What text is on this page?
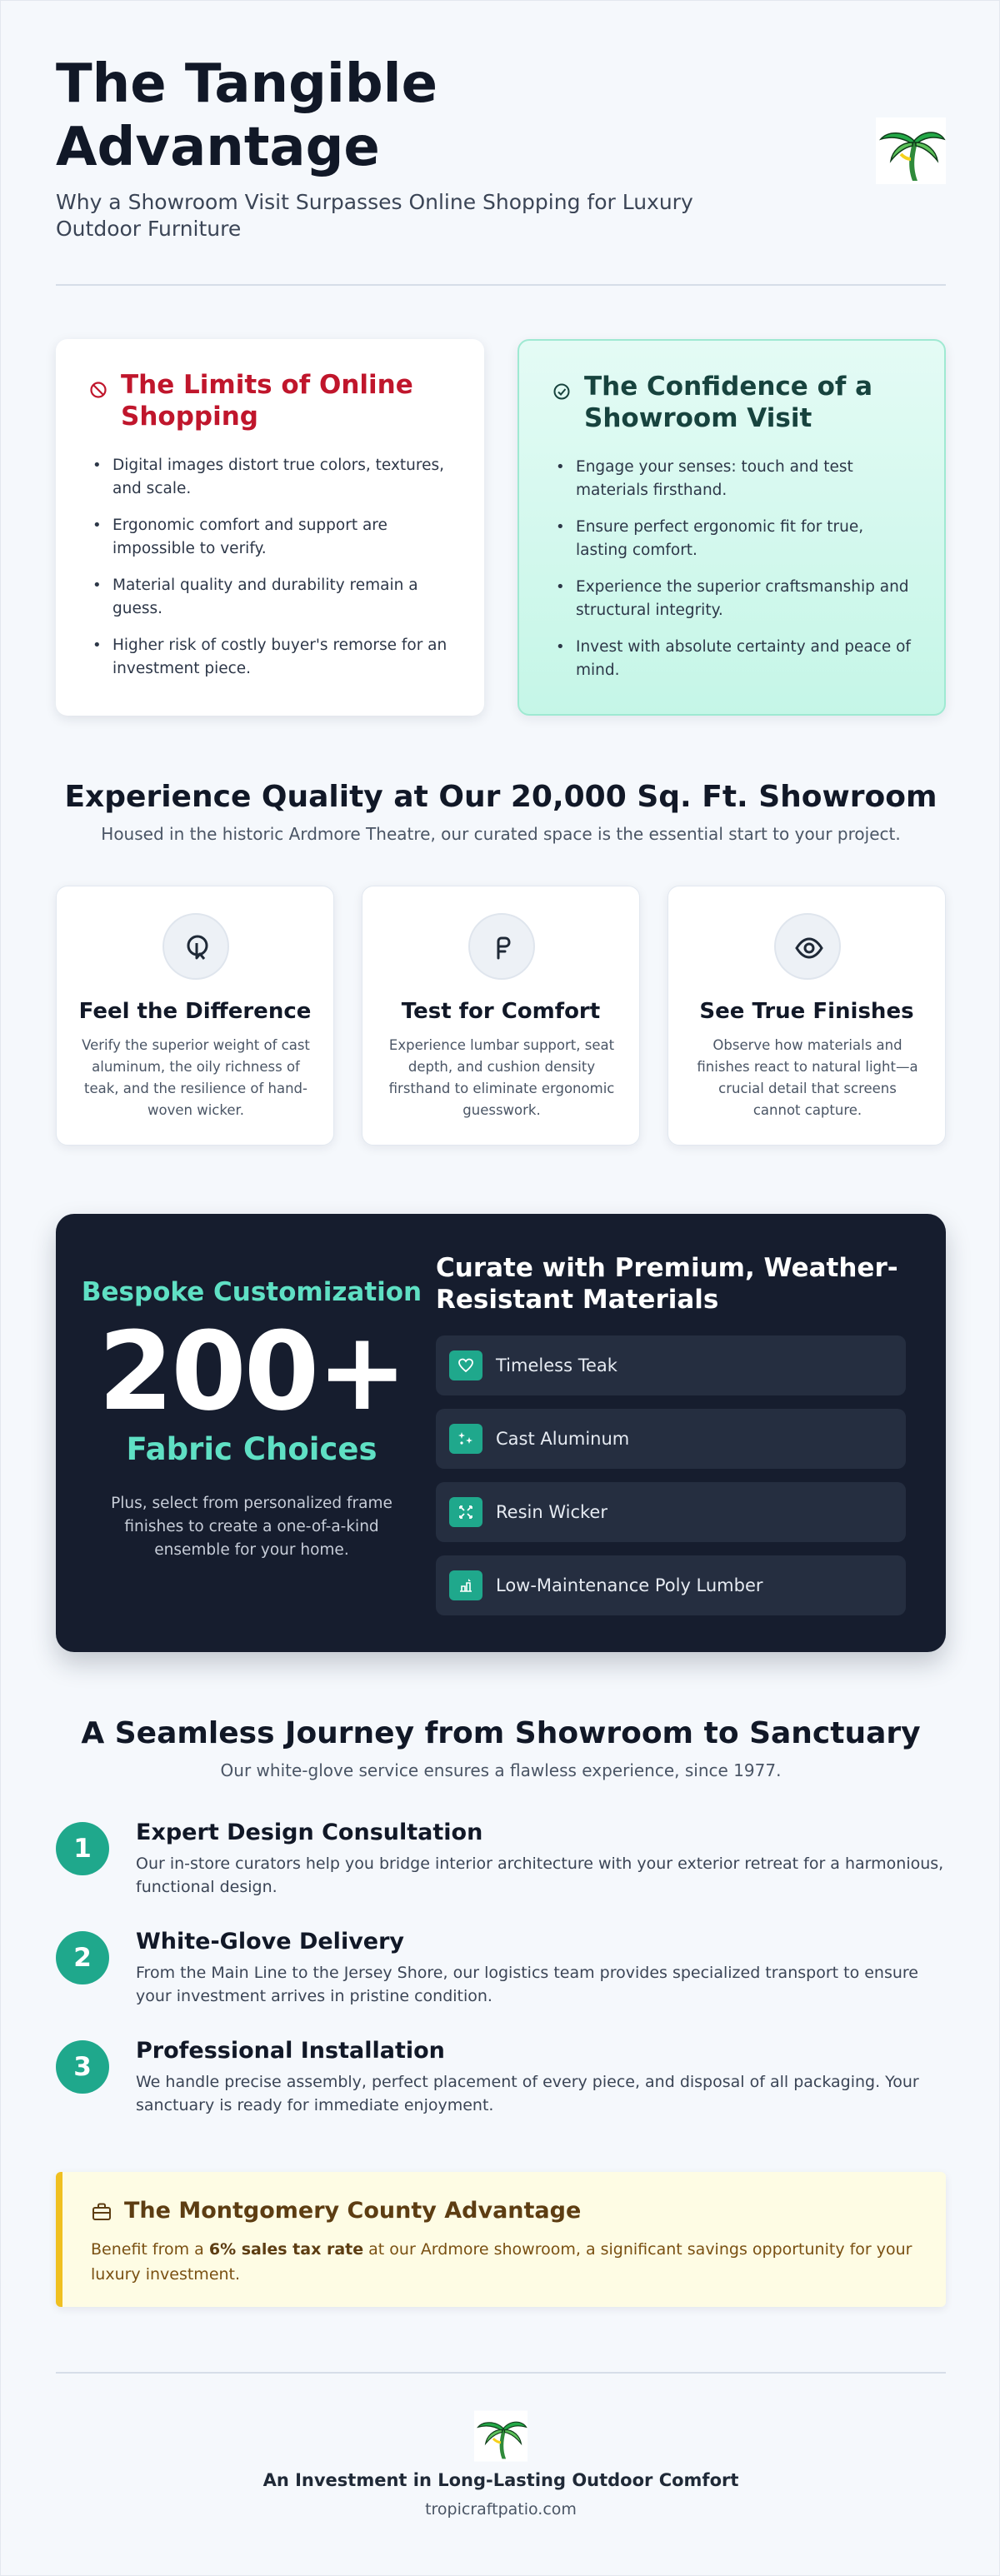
The Tangible Advantage

Why a Showroom Visit Surpasses Online Shopping for Luxury Outdoor Furniture

The Limits of Online Shopping
• Digital images distort true colors, textures, and scale.
• Ergonomic comfort and support are impossible to verify.
• Material quality and durability remain a guess.
• Higher risk of costly buyer's remorse for an investment piece.
The Confidence of a Showroom Visit
• Engage your senses: touch and test materials firsthand.
• Ensure perfect ergonomic fit for true, lasting comfort.
• Experience the superior craftsmanship and structural integrity.
• Invest with absolute certainty and peace of mind.
Experience Quality at Our 20,000 Sq. Ft. Showroom

Housed in the historic Ardmore Theatre, our curated space is the essential start to your project.

Feel the Difference

Verify the superior weight of cast aluminum, the oily richness of teak, and the resilience of hand-woven wicker.

Test for Comfort

Experience lumbar support, seat depth, and cushion density firsthand to eliminate ergonomic guesswork.

See True Finishes

Observe how materials and finishes react to natural light—a crucial detail that screens cannot capture.

Bespoke Customization
200+
Fabric Choices

Plus, select from personalized frame finishes to create a one-of-a-kind ensemble for your home.

Curate with Premium, Weather-Resistant Materials
Timeless Teak
Cast Aluminum
Resin Wicker
Low-Maintenance Poly Lumber
A Seamless Journey from Showroom to Sanctuary

Our white-glove service ensures a flawless experience, since 1977.

1
Expert Design Consultation

Our in-store curators help you bridge interior architecture with your exterior retreat for a harmonious, functional design.

2
White-Glove Delivery

From the Main Line to the Jersey Shore, our logistics team provides specialized transport to ensure your investment arrives in pristine condition.

3
Professional Installation

We handle precise assembly, perfect placement of every piece, and disposal of all packaging. Your sanctuary is ready for immediate enjoyment.

The Montgomery County Advantage

Benefit from a 6% sales tax rate at our Ardmore showroom, a significant savings opportunity for your luxury investment.

An Investment in Long-Lasting Outdoor Comfort

tropicraftpatio.com
